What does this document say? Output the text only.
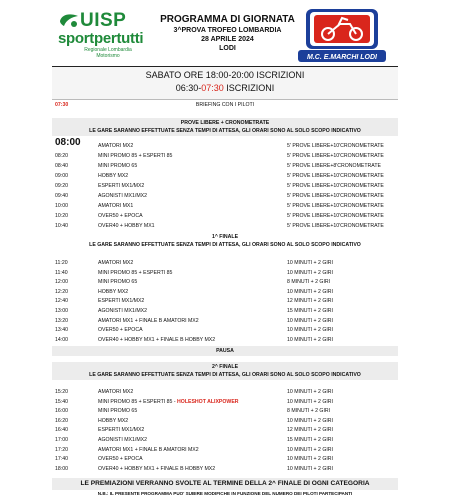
UISP
sportpertutti
Regionale Lombardia
Motorismo
PROGRAMMA DI GIORNATA
3^PROVA TROFEO LOMBARDIA
28 APRILE 2024
LODI
M.C. E.MARCHI LODI
SABATO ORE 18:00-20:00 ISCRIZIONI
06:30-07:30 ISCRIZIONI
07:30	BRIEFING CON I PILOTI
PROVE LIBERE + CRONOMETRATE
LE GARE SARANNO EFFETTUATE SENZA TEMPI DI ATTESA, GLI ORARI SONO AL SOLO SCOPO INDICATIVO
08:00	AMATORI MX2	5' PROVE LIBERE+10'CRONOMETRATE
08:20	MINI PROMO 85 + ESPERTI 85	5' PROVE LIBERE+10'CRONOMETRATE
08:40	MINI PROMO 65	5' PROVE LIBERE+8'CRONOMETRATE
09:00	HOBBY MX2	5' PROVE LIBERE+10'CRONOMETRATE
09:20	ESPERTI MX1/MX2	5' PROVE LIBERE+10'CRONOMETRATE
09:40	AGONISTI MX1/MX2	5' PROVE LIBERE+10'CRONOMETRATE
10:00	AMATORI MX1	5' PROVE LIBERE+10'CRONOMETRATE
10:20	OVER50 + EPOCA	5' PROVE LIBERE+10'CRONOMETRATE
10:40	OVER40 + HOBBY MX1	5' PROVE LIBERE+10'CRONOMETRATE
1^ FINALE
LE GARE SARANNO EFFETTUATE SENZA TEMPI DI ATTESA, GLI ORARI SONO AL SOLO SCOPO INDICATIVO
11:20	AMATORI MX2	10 MINUTI + 2 GIRI
11:40	MINI PROMO 85 + ESPERTI 85	10 MINUTI + 2 GIRI
12:00	MINI PROMO 65	8 MINUTI + 2 GIRI
12:20	HOBBY MX2	10 MINUTI + 2 GIRI
12:40	ESPERTI MX1/MX2	12 MINUTI + 2 GIRI
13:00	AGONISTI MX1/MX2	15 MINUTI + 2 GIRI
13:20	AMATORI MX1 + FINALE B AMATORI MX2	10 MINUTI + 2 GIRI
13:40	OVER50 + EPOCA	10 MINUTI + 2 GIRI
14:00	OVER40 + HOBBY MX1 + FINALE B HOBBY MX2	10 MINUTI + 2 GIRI
PAUSA
2^ FINALE
LE GARE SARANNO EFFETTUATE SENZA TEMPI DI ATTESA, GLI ORARI SONO AL SOLO SCOPO INDICATIVO
15:20	AMATORI MX2	10 MINUTI + 2 GIRI
15:40	MINI PROMO 85 + ESPERTI 85 - HOLESHOT ALIXPOWER	10 MINUTI + 2 GIRI
16:00	MINI PROMO 65	8 MINUTI + 2 GIRI
16:20	HOBBY MX2	10 MINUTI + 2 GIRI
16:40	ESPERTI MX1/MX2	12 MINUTI + 2 GIRI
17:00	AGONISTI MX1/MX2	15 MINUTI + 2 GIRI
17:20	AMATORI MX1 + FINALE B AMATORI MX2	10 MINUTI + 2 GIRI
17:40	OVER50 + EPOCA	10 MINUTI + 2 GIRI
18:00	OVER40 + HOBBY MX1 + FINALE B HOBBY MX2	10 MINUTI + 2 GIRI
LE PREMIAZIONI VERRANNO SVOLTE AL TERMINE DELLA 2^ FINALE DI OGNI CATEGORIA
N.B.: IL PRESENTE PROGRAMMA PUO' SUBIRE MODIFICHE IN FUNZIONE DEL NUMERO DEI PILOTI PARTECIPANTI
